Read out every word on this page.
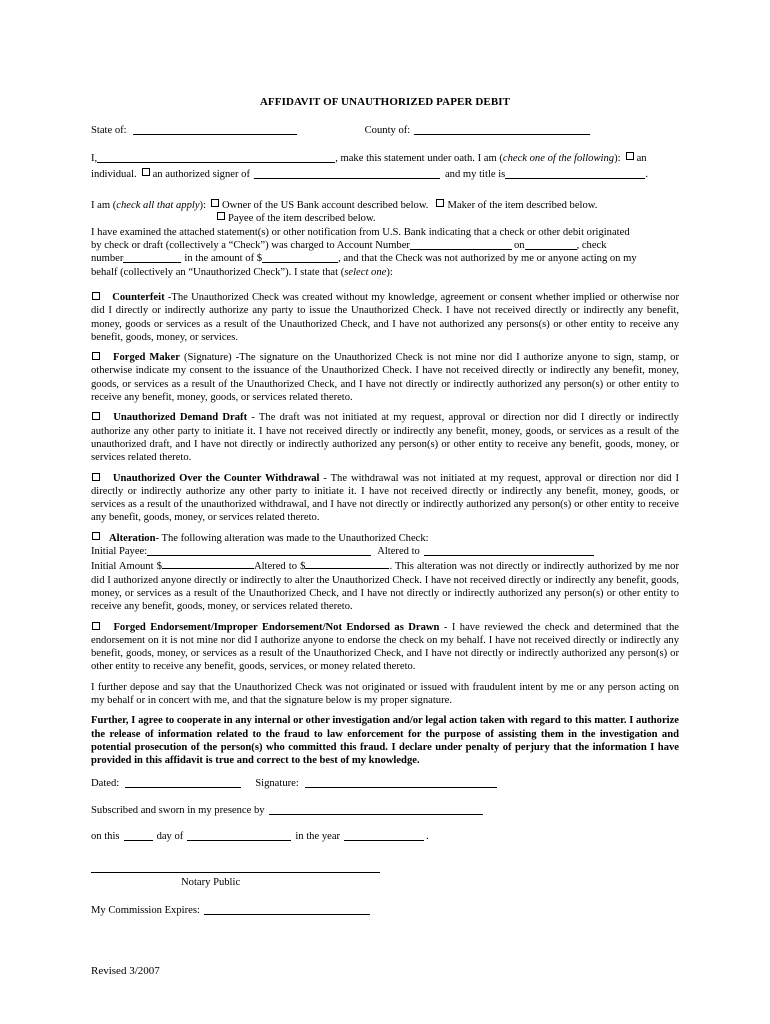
AFFIDAVIT OF UNAUTHORIZED PAPER DEBIT
State of:	County of:
I,	, make this statement under oath. I am ( check one of the following ): an
individual. an authorized signer of	and my title is	.
I am ( check all that apply ): Owner of the US Bank account described below. Maker of the item described below.
Payee of the item described below.
I have examined the attached statement(s) or other notification from U.S. Bank indicating that a check or other debit originated
by check or draft (collectively a “Check”) was charged to Account Number	on	, check
number	in the amount of $	, and that the Check was not authorized by me or anyone acting on my
behalf (collectively an “Unauthorized Check”). I state that ( select one ):

Counterfeit -The Unauthorized Check was created without my knowledge, agreement or consent whether implied or otherwise nor did I directly or indirectly authorize any party to issue the Unauthorized Check. I have not received directly or indirectly any benefit, money, goods or services as a result of the Unauthorized Check, and I have not authorized any persons(s) or other entity to receive any benefit, goods, money, or services.

Forged Maker (Signature) -The signature on the Unauthorized Check is not mine nor did I authorize anyone to sign, stamp, or otherwise indicate my consent to the issuance of the Unauthorized Check. I have not received directly or indirectly any benefit, money, goods, or services as a result of the Unauthorized Check, and I have not directly or indirectly authorized any person(s) or other entity to receive any benefit, money, goods, or services related thereto.

Unauthorized Demand Draft - The draft was not initiated at my request, approval or direction nor did I directly or indirectly authorize any other party to initiate it. I have not received directly or indirectly any benefit, money, goods, or services as a result of the unauthorized draft, and I have not directly or indirectly authorized any person(s) or other entity to receive any benefit, goods, money, or services related thereto.

Unauthorized Over the Counter Withdrawal - The withdrawal was not initiated at my request, approval or direction nor did I directly or indirectly authorize any other party to initiate it. I have not received directly or indirectly any benefit, money, goods, or services as a result of the unauthorized withdrawal, and I have not directly or indirectly authorized any person(s) or other entity to receive any benefit, goods, money, or services related thereto.

Alteration - The following alteration was made to the Unauthorized Check:
Initial Payee:	Altered to

Initial Amount $	Altered to $	. This alteration was not directly or indirectly authorized by me nor did I authorized anyone directly or indirectly to alter the Unauthorized Check. I have not received directly or indirectly any benefit, goods, money, or services as a result of the Unauthorized Check, and I have not directly or indirectly authorized any person(s) or other entity to receive any benefit, goods, money, or services related thereto.

Forged Endorsement/Improper Endorsement/Not Endorsed as Drawn - I have reviewed the check and determined that the endorsement on it is not mine nor did I authorize anyone to endorse the check on my behalf. I have not received directly or indirectly any benefit, goods, money, or services as a result of the Unauthorized Check, and I have not directly or indirectly authorized any person(s) or other entity to receive any benefit, goods, services, or money related thereto.

I further depose and say that the Unauthorized Check was not originated or issued with fraudulent intent by me or any person acting on my behalf or in concert with me, and that the signature below is my proper signature.

Further, I agree to cooperate in any internal or other investigation and/or legal action taken with regard to this matter. I authorize the release of information related to the fraud to law enforcement for the purpose of assisting them in the investigation and potential prosecution of the person(s) who committed this fraud. I declare under penalty of perjury that the information I have provided in this affidavit is true and correct to the best of my knowledge.

Dated:	Signature:
Subscribed and sworn in my presence by
on this	day of	in the year	.
Notary Public
My Commission Expires:
Revised 3/2007
